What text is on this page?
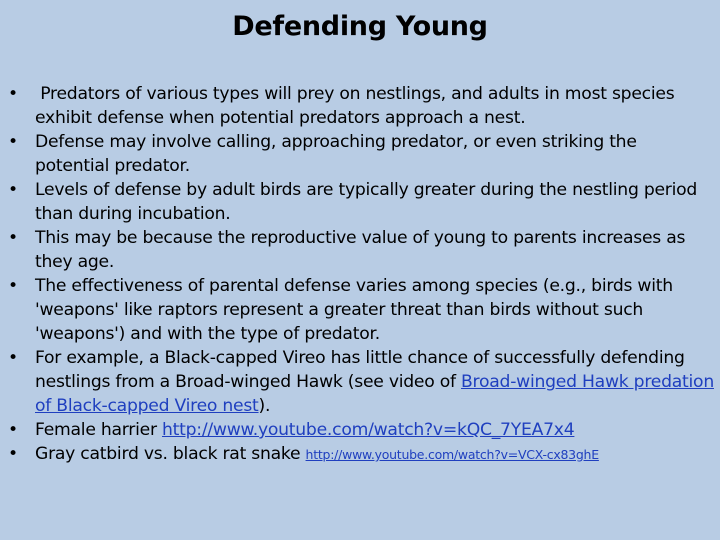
Defending Young
• Predators of various types will prey on nestlings, and adults in most species exhibit defense when potential predators approach a nest.
• Defense may involve calling, approaching predator, or even striking the potential predator.
• Levels of defense by adult birds are typically greater during the nestling period than during incubation.
• This may be because the reproductive value of young to parents increases as they age.
• The effectiveness of parental defense varies among species (e.g., birds with 'weapons' like raptors represent a greater threat than birds without such 'weapons') and with the type of predator.
• For example, a Black-capped Vireo has little chance of successfully defending nestlings from a Broad-winged Hawk (see video of Broad-winged Hawk predation of Black-capped Vireo nest).
• Female harrier http://www.youtube.com/watch?v=kQC_7YEA7x4
• Gray catbird vs. black rat snake http://www.youtube.com/watch?v=VCX-cx83ghE
